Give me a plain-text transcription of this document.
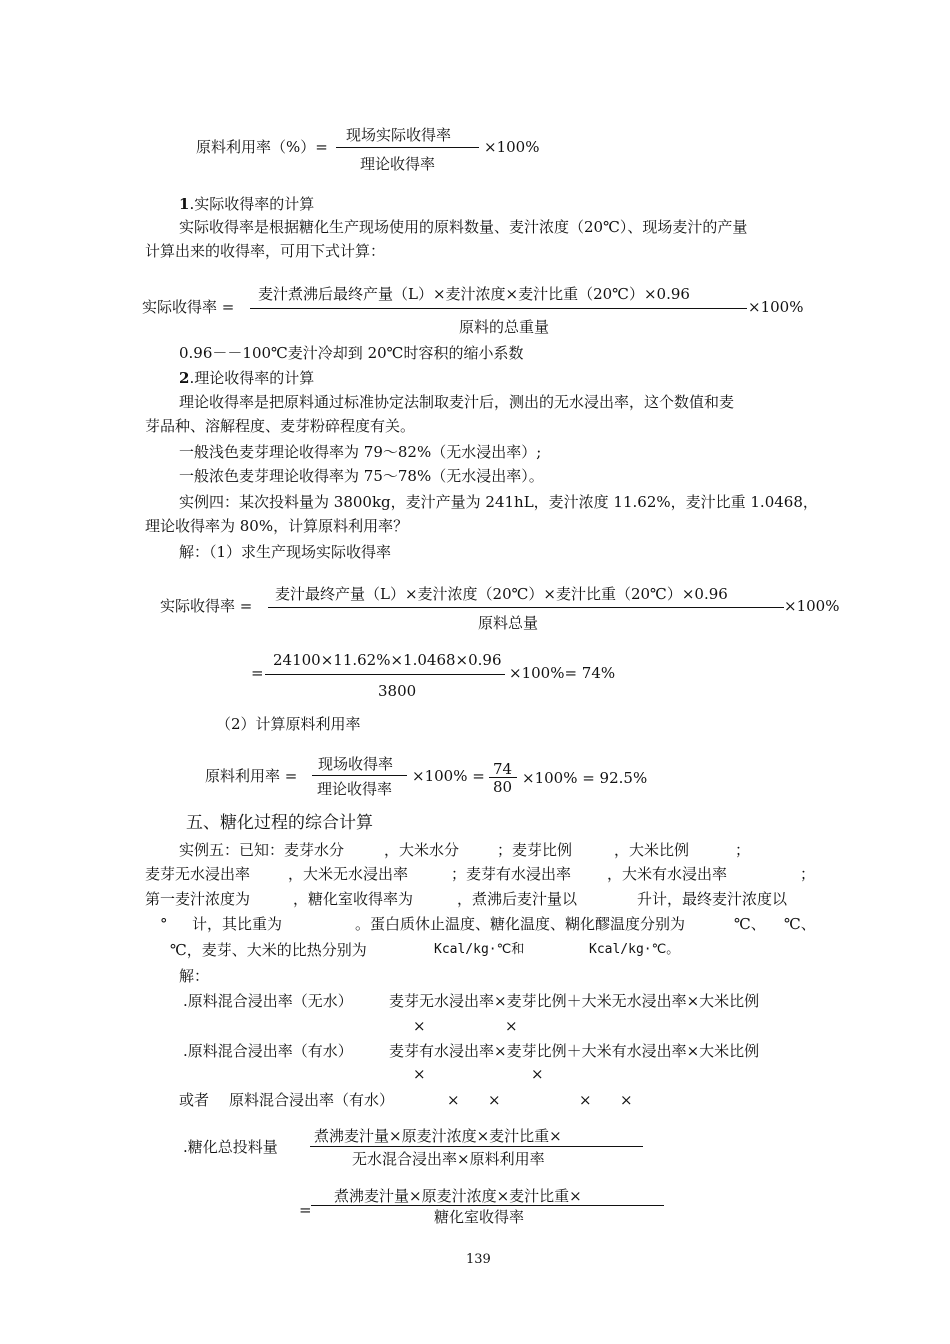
原料利用率（%）=
现场实际收得率
理论收得率
×100%
1.实际收得率的计算
实际收得率是根据糖化生产现场使用的原料数量、麦汁浓度（20℃）、现场麦汁的产量
计算出来的收得率，可用下式计算：
实际收得率 =
麦汁煮沸后最终产量（L）×麦汁浓度×麦汁比重（20℃）×0.96
原料的总重量
×100%
0.96－－100℃麦汁冷却到 20℃时容积的缩小系数
2.理论收得率的计算
理论收得率是把原料通过标准协定法制取麦汁后，测出的无水浸出率，这个数值和麦
芽品种、溶解程度、麦芽粉碎程度有关。
一般浅色麦芽理论收得率为 79～82%（无水浸出率）;
一般浓色麦芽理论收得率为 75～78%（无水浸出率）。
实例四：某次投料量为 3800kg，麦汁产量为 241hL，麦汁浓度 11.62%，麦汁比重 1.0468，
理论收得率为 80%，计算原料利用率？
解：（1）求生产现场实际收得率
实际收得率 =
麦汁最终产量（L）×麦汁浓度（20℃）×麦汁比重（20℃）×0.96
原料总量
×100%
=
24100×11.62%×1.0468×0.96
3800
×100%= 74%
（2）计算原料利用率
原料利用率 =
现场收得率
理论收得率
×100% = 74
80 ×100% = 92.5%
五、糖化过程的综合计算
实例五：已知：麦芽水分	，大米水分	；麦芽比例	，大米比例	；
麦芽无水浸出率	，大米无水浸出率	；麦芽有水浸出率 ，大米有水浸出率	；
第一麦汁浓度为	，糖化室收得率为	，煮沸后麦汁量以	升计，最终麦汁浓度以
° 计，其比重为	。蛋白质休止温度、糖化温度、糊化醪温度分别为	℃、 ℃、
℃，麦芽、大米的比热分别为	Kcal/kg·℃和	Kcal/kg·℃。
解：
.原料混合浸出率（无水） 麦芽无水浸出率×麦芽比例＋大米无水浸出率×大米比例
×	×
.原料混合浸出率（有水） 麦芽有水浸出率×麦芽比例＋大米有水浸出率×大米比例
×	×
或者 原料混合浸出率（有水）	× ×	× ×
.糖化总投料量
煮沸麦汁量×原麦汁浓度×麦汁比重×
无水混合浸出率×原料利用率
=
煮沸麦汁量×原麦汁浓度×麦汁比重×
糖化室收得率
139
